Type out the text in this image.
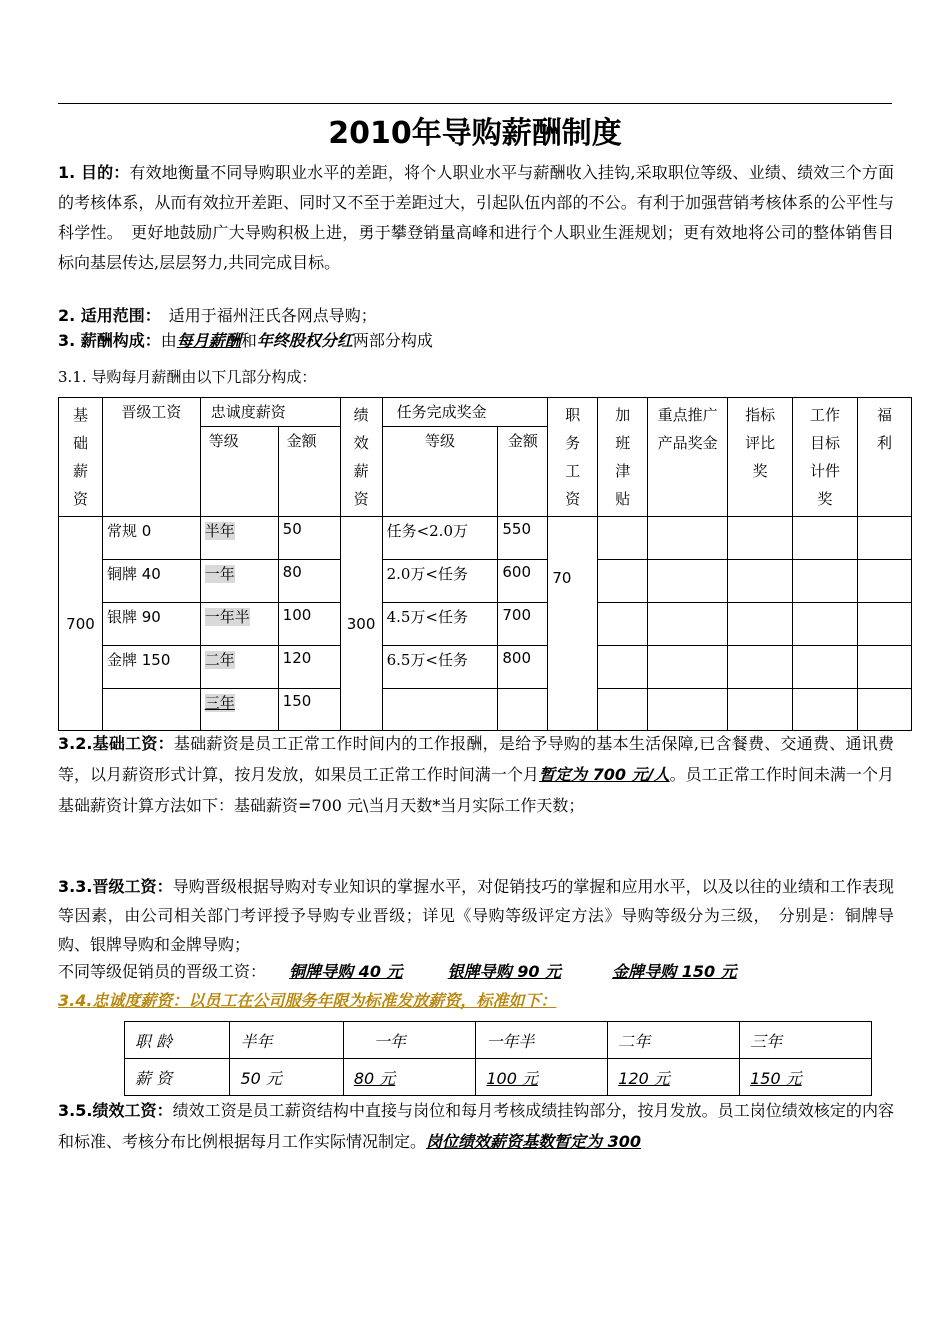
2010年导购薪酬制度
1. 目的：有效地衡量不同导购职业水平的差距，将个人职业水平与薪酬收入挂钩,采取职位等级、业绩、绩效三个方面的考核体系，从而有效拉开差距、同时又不至于差距过大，引起队伍内部的不公。有利于加强营销考核体系的公平性与科学性。　更好地鼓励广大导购积极上进，勇于攀登销量高峰和进行个人职业生涯规划；更有效地将公司的整体销售目标向基层传达,层层努力,共同完成目标。
2. 适用范围：　适用于福州汪氏各网点导购；
3. 薪酬构成：由每月薪酬和年终股权分红两部分构成
3.1. 导购每月薪酬由以下几部分构成：
基础薪资	晋级工资	忠诚度薪资		绩效薪资	任务完成奖金		职务工资	加班津贴	重点推广产品奖金	指标评比奖	工作目标计件奖	福利

		等级	金额		等级	金额						
700	常规 0	半年	50	300	任务<2.0万	550	70					
	铜牌 40	一年	80		2.0万<任务	600						
	银牌 90	一年半	100		4.5万<任务	700						
	金牌 150	二年	120		6.5万<任务	800						
		三年	150									
3.2.基础工资：基础薪资是员工正常工作时间内的工作报酬，是给予导购的基本生活保障,已含餐费、交通费、通讯费等，以月薪资形式计算，按月发放，如果员工正常工作时间满一个月暂定为 700 元/人。员工正常工作时间未满一个月基础薪资计算方法如下：基础薪资=700 元\当月天数*当月实际工作天数；
3.3.晋级工资：导购晋级根据导购对专业知识的掌握水平，对促销技巧的掌握和应用水平，以及以往的业绩和工作表现等因素，由公司相关部门考评授予导购专业晋级；详见《导购等级评定方法》导购等级分为三级，　分别是：铜牌导购、银牌导购和金牌导购；
不同等级促销员的晋级工资： 铜牌导购 40 元	银牌导购 90 元	金牌导购 150 元
3.4.忠诚度薪资：以员工在公司服务年限为标准发放薪资，标准如下：
职 龄	半年	一年	一年半	二年	三年
薪 资	50 元	80 元	100 元	120 元	150 元
3.5.绩效工资：绩效工资是员工薪资结构中直接与岗位和每月考核成绩挂钩部分，按月发放。员工岗位绩效核定的内容和标准、考核分布比例根据每月工作实际情况制定。岗位绩效薪资基数暂定为 300
